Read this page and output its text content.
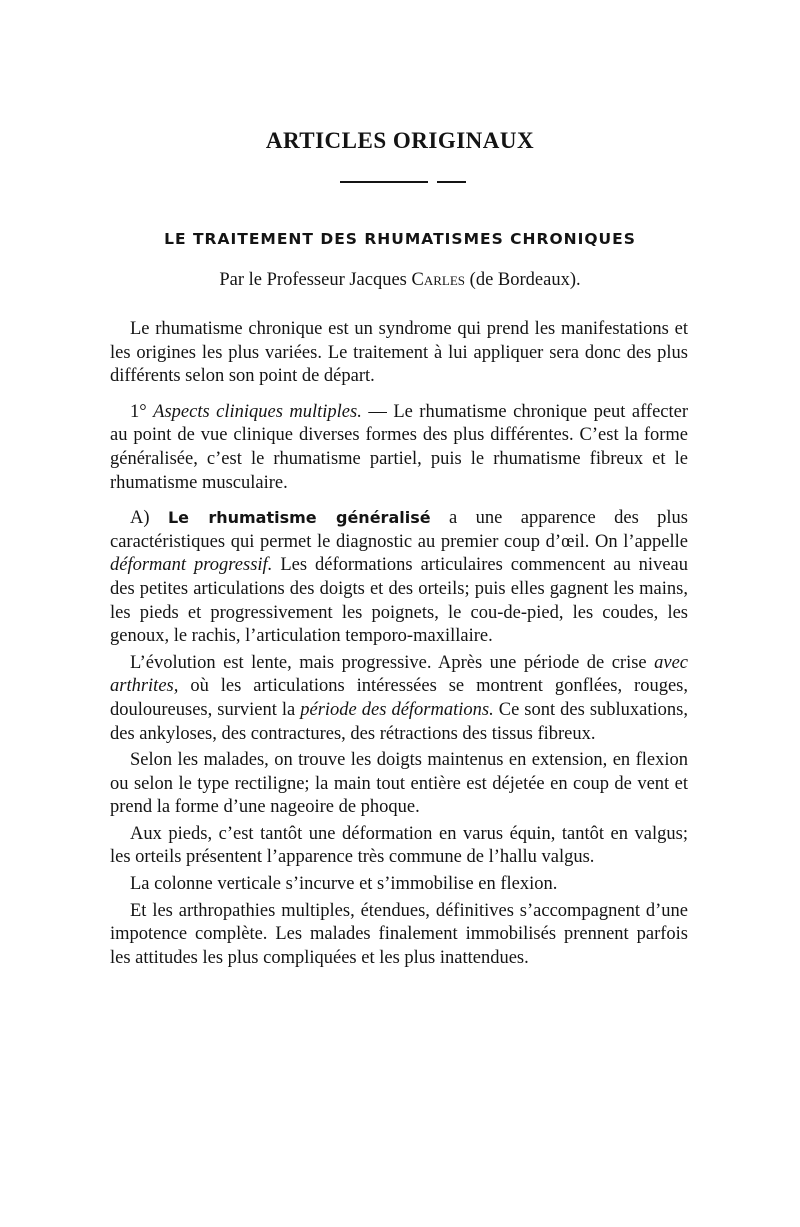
ARTICLES ORIGINAUX
LE TRAITEMENT DES RHUMATISMES CHRONIQUES
Par le Professeur Jacques Carles (de Bordeaux).

Le rhumatisme chronique est un syndrome qui prend les manifestations et les origines les plus variées. Le traitement à lui appliquer sera donc des plus différents selon son point de départ.

1° Aspects cliniques multiples. — Le rhumatisme chronique peut affecter au point de vue clinique diverses formes des plus différentes. C’est la forme généralisée, c’est le rhumatisme partiel, puis le rhumatisme fibreux et le rhumatisme musculaire.

A) Le rhumatisme généralisé a une apparence des plus caractéristiques qui permet le diagnostic au premier coup d’œil. On l’appelle déformant progressif. Les déformations articulaires commencent au niveau des petites articulations des doigts et des orteils; puis elles gagnent les mains, les pieds et progressivement les poignets, le cou-de-pied, les coudes, les genoux, le rachis, l’articulation temporo-maxillaire.

L’évolution est lente, mais progressive. Après une période de crise avec arthrites, où les articulations intéressées se montrent gonflées, rouges, douloureuses, survient la période des déformations. Ce sont des subluxations, des ankyloses, des contractures, des rétractions des tissus fibreux.

Selon les malades, on trouve les doigts maintenus en extension, en flexion ou selon le type rectiligne; la main tout entière est déjetée en coup de vent et prend la forme d’une nageoire de phoque.

Aux pieds, c’est tantôt une déformation en varus équin, tantôt en valgus; les orteils présentent l’apparence très commune de l’hallu valgus.

La colonne verticale s’incurve et s’immobilise en flexion.

Et les arthropathies multiples, étendues, définitives s’accompagnent d’une impotence complète. Les malades finalement immobilisés prennent parfois les attitudes les plus compliquées et les plus inattendues.
